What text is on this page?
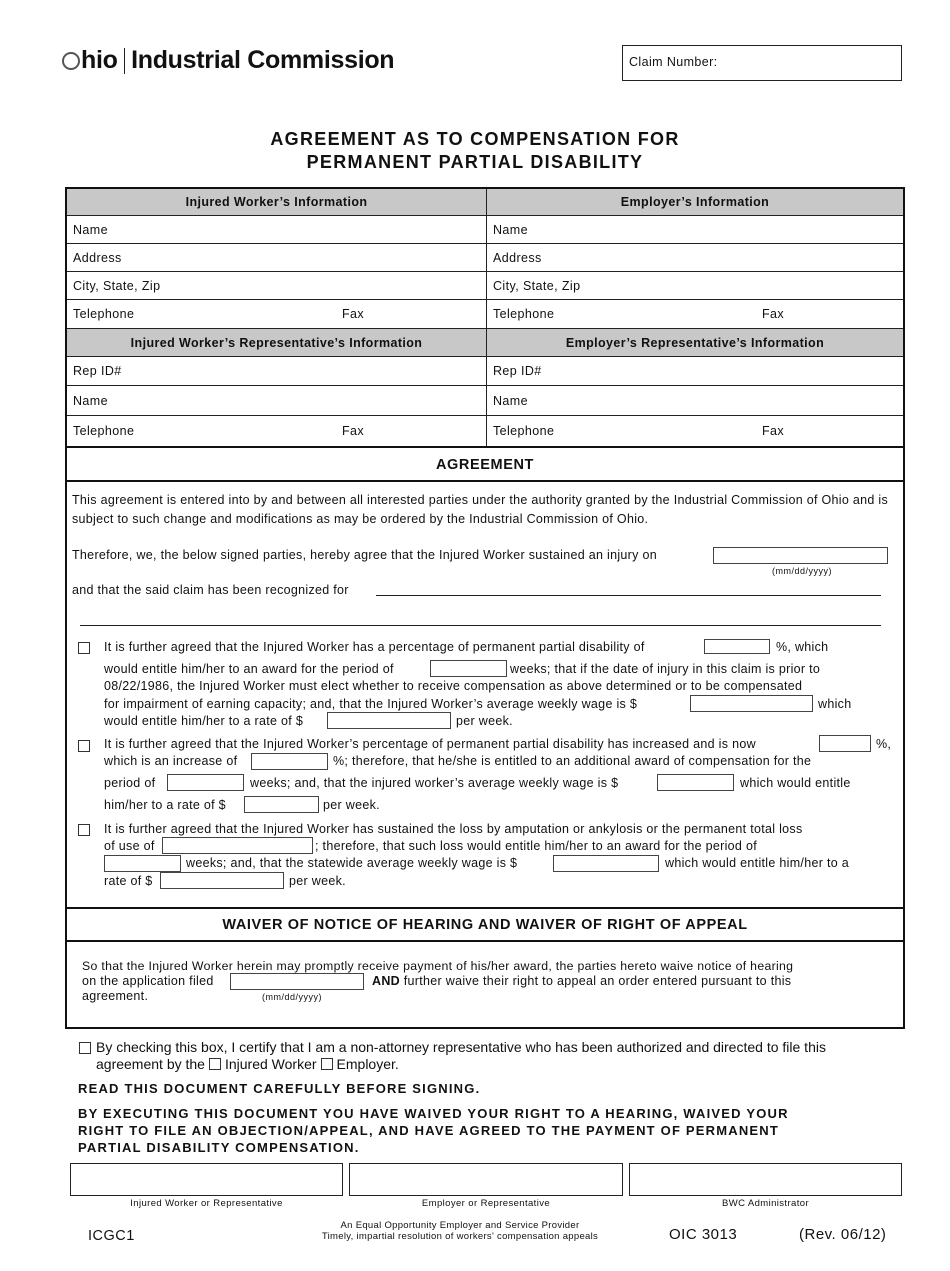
hio Industrial Commission	Claim Number:
AGREEMENT AS TO COMPENSATION FOR
PERMANENT PARTIAL DISABILITY
Injured Worker’s Information	Employer’s Information
Name	Name
Address	Address
City, State, Zip	City, State, Zip
Telephone	Fax	Telephone	Fax
Injured Worker’s Representative’s Information	Employer’s Representative’s Information
Rep ID#	Rep ID#
Name	Name
Telephone	Fax	Telephone	Fax
AGREEMENT
This agreement is entered into by and between all interested parties under the authority granted by the Industrial Commission of Ohio and is subject to such change and modifications as may be ordered by the Industrial Commission of Ohio.
Therefore, we, the below signed parties, hereby agree that the Injured Worker sustained an injury on
(mm/dd/yyyy)
and that the said claim has been recognized for
It is further agreed that the Injured Worker has a percentage of permanent partial disability of	%, which
would entitle him/her to an award for the period of	weeks; that if the date of injury in this claim is prior to
08/22/1986, the Injured Worker must elect whether to receive compensation as above determined or to be compensated
for impairment of earning capacity; and, that the Injured Worker’s average weekly wage is $	which
would entitle him/her to a rate of $	per week.
It is further agreed that the Injured Worker’s percentage of permanent partial disability has increased and is now	%,
which is an increase of	%; therefore, that he/she is entitled to an additional award of compensation for the
period of	weeks; and, that the injured worker’s average weekly wage is $	which would entitle
him/her to a rate of $	per week.
It is further agreed that the Injured Worker has sustained the loss by amputation or ankylosis or the permanent total loss
of use of	; therefore, that such loss would entitle him/her to an award for the period of
weeks; and, that the statewide average weekly wage is $	which would entitle him/her to a
rate of $	per week.
WAIVER OF NOTICE OF HEARING AND WAIVER OF RIGHT OF APPEAL
So that the Injured Worker herein may promptly receive payment of his/her award, the parties hereto waive notice of hearing
on the application filed	AND further waive their right to appeal an order entered pursuant to this
agreement.	(mm/dd/yyyy)
By checking this box, I certify that I am a non-attorney representative who has been authorized and directed to file this
agreement by the Injured Worker Employer.
READ THIS DOCUMENT CAREFULLY BEFORE SIGNING.
BY EXECUTING THIS DOCUMENT YOU HAVE WAIVED YOUR RIGHT TO A HEARING, WAIVED YOUR
RIGHT TO FILE AN OBJECTION/APPEAL, AND HAVE AGREED TO THE PAYMENT OF PERMANENT
PARTIAL DISABILITY COMPENSATION.
Injured Worker or Representative	Employer or Representative	BWC Administrator
ICGC1
An Equal Opportunity Employer and Service Provider
Timely, impartial resolution of workers' compensation appeals	OIC 3013	(Rev. 06/12)
